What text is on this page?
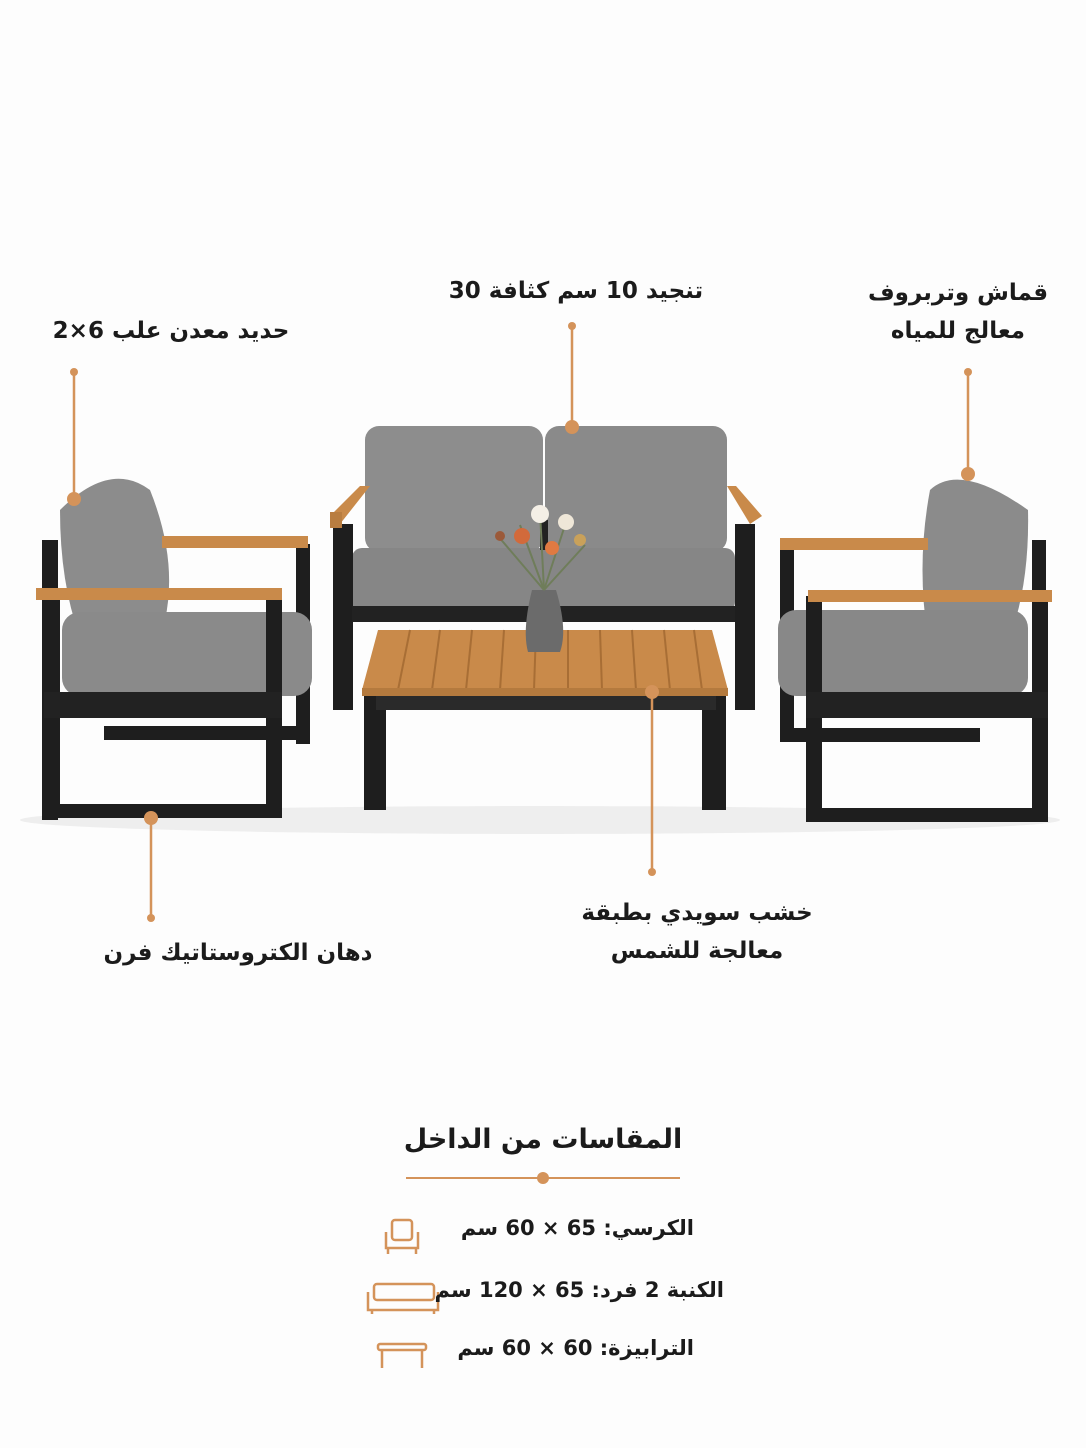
حديد معدن علب 6×2
تنجيد 10 سم كثافة 30	قماش وتربروف
معالج للمياه
دهان الكتروستاتيك فرن
خشب سويدي بطبقة
معالجة للشمس
المقاسات من الداخل
الكرسي: 65 × 60 سم
الكنبة 2 فرد: 65 × 120 سم
الترابيزة: 60 × 60 سم
